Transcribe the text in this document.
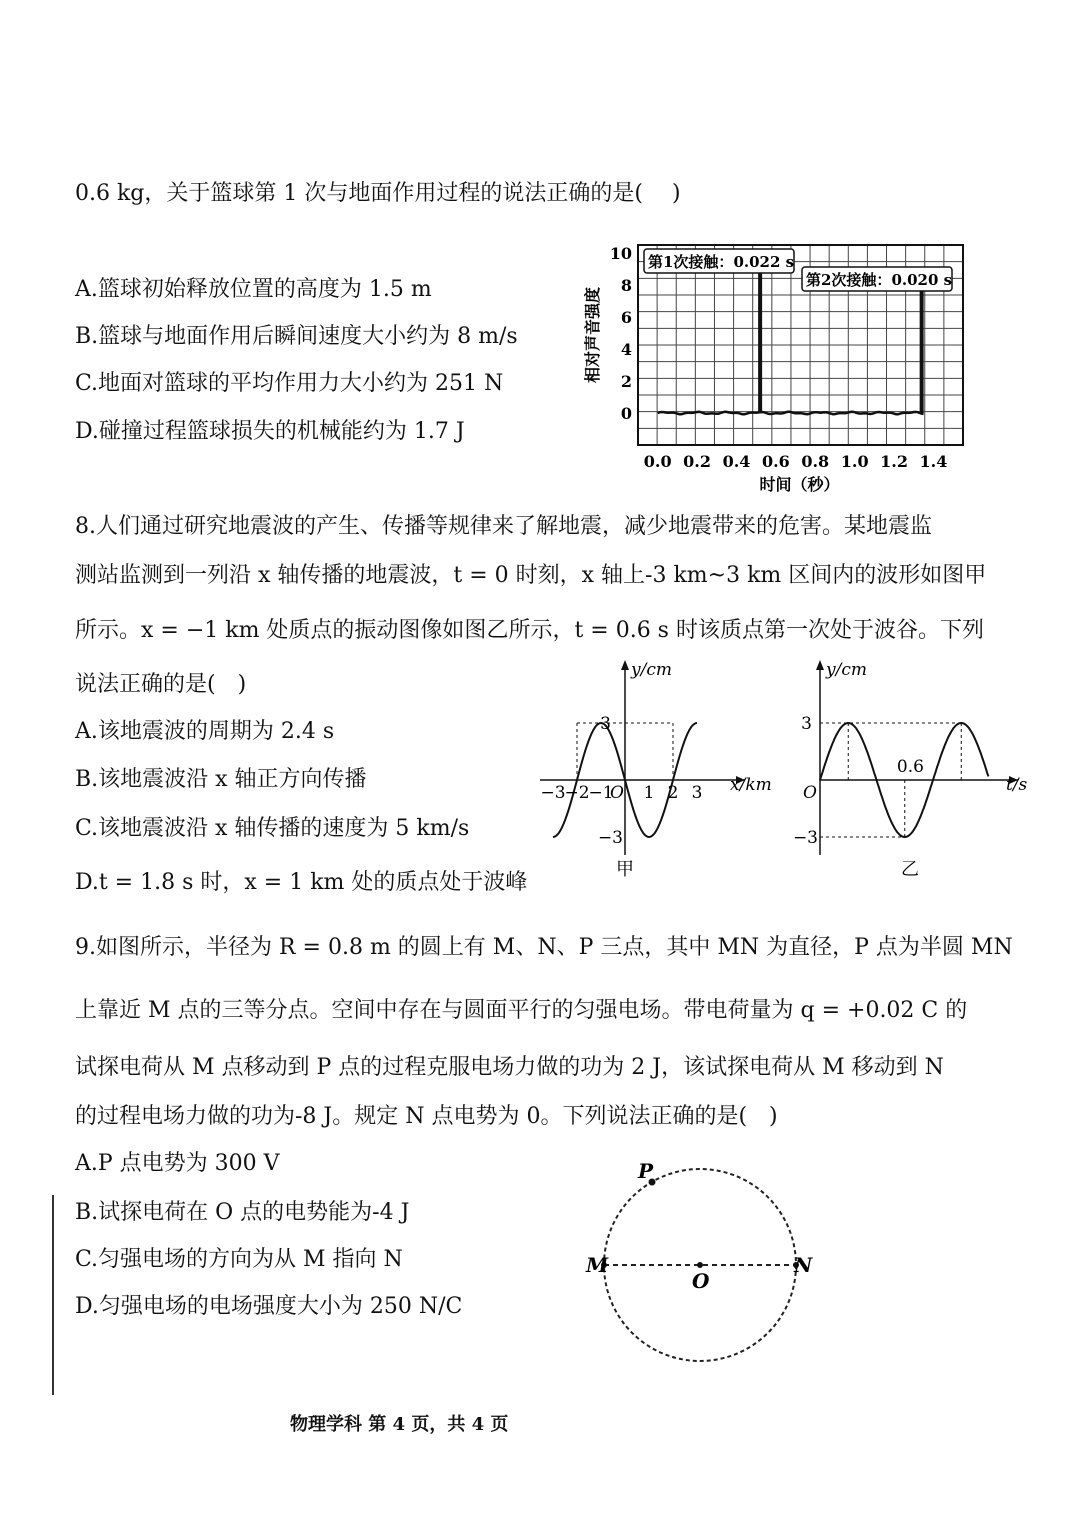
0.6 kg，关于篮球第 1 次与地面作用过程的说法正确的是(　 )
A.篮球初始释放位置的高度为 1.5 m
B.篮球与地面作用后瞬间速度大小约为 8 m/s
C.地面对篮球的平均作用力大小约为 251 N
D.碰撞过程篮球损失的机械能约为 1.7 J
10
8
6
4
2
0
0.0 0.2 0.4 0.6 0.8 1.0 1.2 1.4
时间（秒）
相对声音强度
第1次接触：0.022 s
第2次接触：0.020 s
8.人们通过研究地震波的产生、传播等规律来了解地震，减少地震带来的危害。某地震监
测站监测到一列沿 x 轴传播的地震波，t = 0 时刻，x 轴上-3 km~3 km 区间内的波形如图甲
所示。x = −1 km 处质点的振动图像如图乙所示，t = 0.6 s 时该质点第一次处于波谷。下列
说法正确的是(　)
A.该地震波的周期为 2.4 s
B.该地震波沿 x 轴正方向传播
C.该地震波沿 x 轴传播的速度为 5 km/s
D.t = 1.8 s 时，x = 1 km 处的质点处于波峰
−3
−2
−1
O 1 2 3
3
−3
x/km
y/cm
甲
O
0.6
3
−3
t/s
y/cm
乙
9.如图所示，半径为 R = 0.8 m 的圆上有 M、N、P 三点，其中 MN 为直径，P 点为半圆 MN
上靠近 M 点的三等分点。空间中存在与圆面平行的匀强电场。带电荷量为 q = +0.02 C 的
试探电荷从 M 点移动到 P 点的过程克服电场力做的功为 2 J，该试探电荷从 M 移动到 N
的过程电场力做的功为-8 J。规定 N 点电势为 0。下列说法正确的是(　)
A.P 点电势为 300 V
B.试探电荷在 O 点的电势能为-4 J
C.匀强电场的方向为从 M 指向 N
D.匀强电场的电场强度大小为 250 N/C
P
M	N
O
物理学科 第 4 页，共 4 页
